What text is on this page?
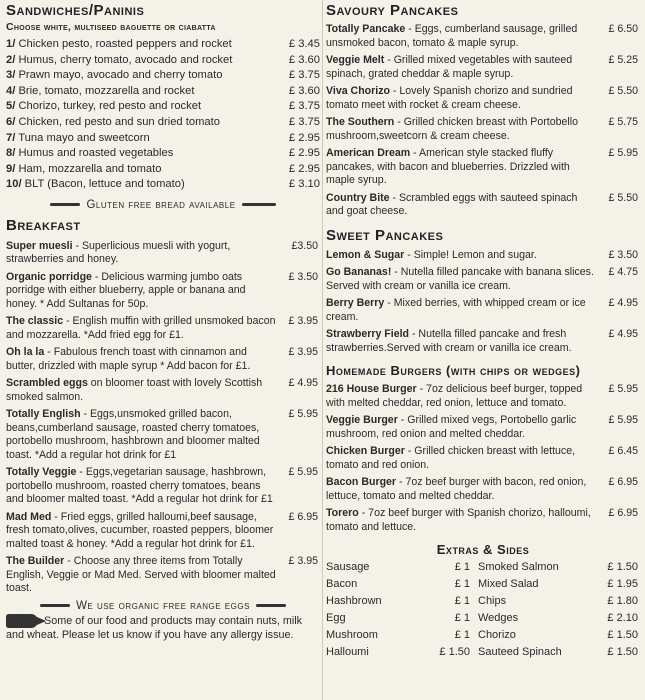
Sandwiches/Paninis
Choose white, multiseed baguette or ciabatta
1/ Chicken pesto, roasted peppers and rocket	£ 3.45
2/ Humus, cherry tomato, avocado and rocket	£ 3.60
3/ Prawn mayo, avocado and cherry tomato	£ 3.75
4/ Brie, tomato, mozzarella and rocket	£ 3.60
5/ Chorizo, turkey, red pesto and rocket	£ 3.75
6/ Chicken, red pesto and sun dried tomato	£ 3.75
7/ Tuna mayo and sweetcorn	£ 2.95
8/ Humus and roasted vegetables	£ 2.95
9/ Ham, mozzarella and tomato	£ 2.95
10/ BLT (Bacon, lettuce and tomato)	£ 3.10
Gluten free bread available
Breakfast
Super muesli - Superlicious muesli with yogurt, strawberries and honey.
£3.50
Organic porridge - Delicious warming jumbo oats porridge with either blueberry, apple or banana and honey. * Add Sultanas for 50p.
£ 3.50
The classic - English muffin with grilled unsmoked bacon and mozzarella. *Add fried egg for £1.
£ 3.95
Oh la la - Fabulous french toast with cinnamon and butter, drizzled with maple syrup * Add bacon for £1.
£ 3.95
Scrambled eggs on bloomer toast with lovely Scottish smoked salmon.
£ 4.95
Totally English - Eggs,unsmoked grilled bacon, beans,cumberland sausage, roasted cherry tomatoes, portobello mushroom, hashbrown and bloomer malted toast. *Add a regular hot drink for £1
£ 5.95
Totally Veggie - Eggs,vegetarian sausage, hashbrown, portobello mushroom, roasted cherry tomatoes, beans and bloomer malted toast. *Add a regular hot drink for £1
£ 5.95
Mad Med - Fried eggs, grilled halloumi,beef sausage, fresh tomato,olives, cucumber, roasted peppers, bloomer malted toast & honey. *Add a regular hot drink for £1.
£ 6.95
The Builder - Choose any three items from Totally English, Veggie or Mad Med. Served with bloomer malted toast.
£ 3.95
We use organic free range eggs
Some of our food and products may contain nuts, milk and wheat. Please let us know if you have any allergy issue.
Savoury Pancakes
Totally Pancake - Eggs, cumberland sausage, grilled unsmoked bacon, tomato & maple syrup.
£ 6.50
Veggie Melt - Grilled mixed vegetables with sauteed spinach, grated cheddar & maple syrup.
£ 5.25
Viva Chorizo - Lovely Spanish chorizo and sundried tomato meet with rocket & cream cheese.
£ 5.50
The Southern - Grilled chicken breast with Portobello mushroom,sweetcorn & cream cheese.
£ 5.75
American Dream - American style stacked fluffy pancakes, with bacon and blueberries. Drizzled with maple syrup.
£ 5.95
Country Bite - Scrambled eggs with sauteed spinach and goat cheese.
£ 5.50
Sweet Pancakes
Lemon & Sugar - Simple! Lemon and sugar.	£ 3.50
Go Bananas! - Nutella filled pancake with banana slices. Served with cream or vanilla ice cream.
£ 4.75
Berry Berry - Mixed berries, with whipped cream or ice cream.
£ 4.95
Strawberry Field - Nutella filled pancake and fresh strawberries.Served with cream or vanilla ice cream.
£ 4.95
Homemade Burgers (with chips or wedges)
216 House Burger - 7oz delicious beef burger, topped with melted cheddar, red onion, lettuce and tomato.
£ 5.95
Veggie Burger - Grilled mixed vegs, Portobello garlic mushroom, red onion and melted cheddar.
£ 5.95
Chicken Burger - Grilled chicken breast with lettuce, tomato and red onion.
£ 6.45
Bacon Burger - 7oz beef burger with bacon, red onion, lettuce, tomato and melted cheddar.
£ 6.95
Torero - 7oz beef burger with Spanish chorizo, halloumi, tomato and lettuce.
£ 6.95
Extras & Sides
Sausage	£ 1 Smoked Salmon	£ 1.50
Bacon	£ 1 Mixed Salad	£ 1.95
Hashbrown	£ 1 Chips	£ 1.80
Egg	£ 1 Wedges	£ 2.10
Mushroom	£ 1 Chorizo	£ 1.50
Halloumi	£ 1.50 Sauteed Spinach	£ 1.50
